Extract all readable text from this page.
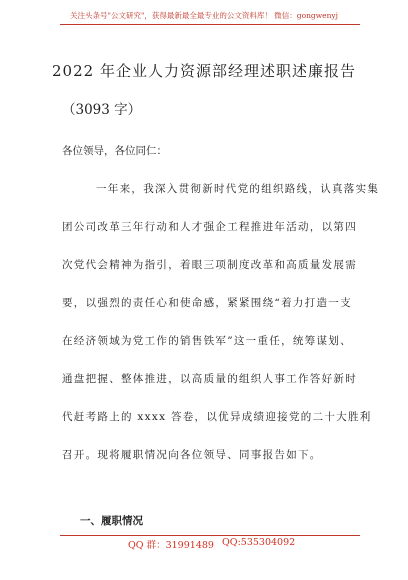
关注头条号"公文研究"，获得最新最全最专业的公文资料库！ 微信：gongwenyj
2022 年企业人力资源部经理述职述廉报告
（3093 字）
各位领导，各位同仁：
一年来，我深入贯彻新时代党的组织路线，认真落实集
团公司改革三年行动和人才强企工程推进年活动，以第四
次党代会精神为指引，着眼三项制度改革和高质量发展需
要，以强烈的责任心和使命感，紧紧围绕“着力打造一支
在经济领域为党工作的销售铁军”这一重任，统筹谋划、
通盘把握、整体推进，以高质量的组织人事工作答好新时
代赶考路上的 xxxx 答卷，以优异成绩迎接党的二十大胜利
召开。现将履职情况向各位领导、同事报告如下。
一、履职情况
QQ 群：31991489 QQ:535304092
